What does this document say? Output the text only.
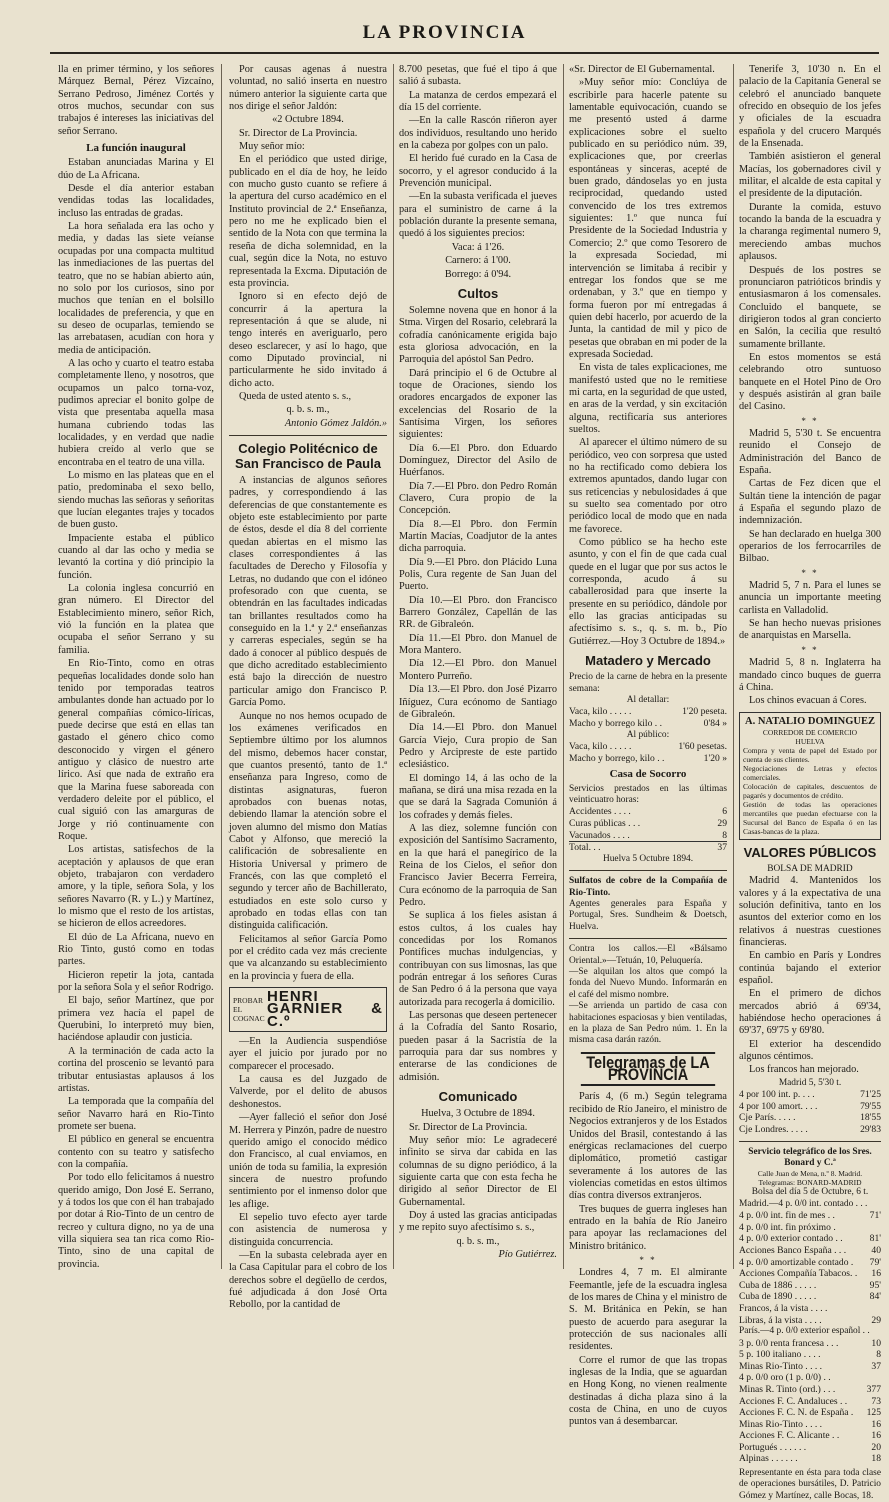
LA PROVINCIA

lla en primer término, y los señores Márquez Bernal, Pérez Vizcaíno, Serrano Pedroso, Jiménez Cortés y otros muchos, secundar con sus trabajos é intereses las iniciativas del señor Serrano.

La función inaugural

Estaban anunciadas Marina y El dúo de La Africana.

Desde el día anterior estaban vendidas todas las localidades, incluso las entradas de gradas.

La hora señalada era las ocho y media, y dadas las siete veíanse ocupadas por una compacta multitud las inmediaciones de las puertas del teatro, que no se habían abierto aún, no solo por los curiosos, sino por muchos que tenían en el bolsillo localidades de preferencia, y que en su deseo de ocuparlas, temiendo se las arrebatasen, acudían con hora y media de anticipación.

A las ocho y cuarto el teatro estaba completamente lleno, y nosotros, que ocupamos un palco torna-voz, pudimos apreciar el bonito golpe de vista que presentaba aquella masa humana cubriendo todas las localidades, y en verdad que nadie hubiera creído al verlo que se encontraba en el teatro de una villa.

Lo mismo en las plateas que en el patio, predominaba el sexo bello, siendo muchas las señoras y señoritas que lucían elegantes trajes y tocados de buen gusto.

Impaciente estaba el público cuando al dar las ocho y media se levantó la cortina y dió principio la función.

La colonia inglesa concurrió en gran número. El Director del Establecimiento minero, señor Rich, vió la función en la platea que ocupaba el señor Serrano y su familia.

En Rio-Tinto, como en otras pequeñas localidades donde solo han tenido por temporadas teatros ambulantes donde han actuado por lo general compañías cómico-líricas, puede decirse que está en ellas tan gastado el género chico como desconocido y virgen el género antiguo y clásico de nuestro arte lírico. Así que nada de extraño era que la Marina fuese saboreada con verdadero deleite por el público, el cual siguió con las amarguras de Jorge y rió continuamente con Roque.

Los artistas, satisfechos de la aceptación y aplausos de que eran objeto, trabajaron con verdadero amore, y la tiple, señora Sola, y los señores Navarro (R. y L.) y Martínez, lo mismo que el resto de los artistas, se hicieron de ellos acreedores.

El dúo de La Africana, nuevo en Rio Tinto, gustó como en todas partes.

Hicieron repetir la jota, cantada por la señora Sola y el señor Rodrigo.

El bajo, señor Martínez, que por primera vez hacía el papel de Querubini, lo interpretó muy bien, haciéndose aplaudir con justicia.

A la terminación de cada acto la cortina del proscenio se levantó para tributar entusiastas aplausos á los artistas.

La temporada que la compañía del señor Navarro hará en Rio-Tinto promete ser buena.

El público en general se encuentra contento con su teatro y satisfecho con la compañía.

Por todo ello felicitamos á nuestro querido amigo, Don José E. Serrano, y á todos los que con él han trabajado por dotar á Rio-Tinto de un centro de recreo y cultura digno, no ya de una villa siquiera sea tan rica como Rio-Tinto, sino de una capital de provincia.

Por causas agenas á nuestra voluntad, no salió inserta en nuestro número anterior la siguiente carta que nos dirige el señor Jaldón:

«2 Octubre 1894.

Sr. Director de La Provincia.

Muy señor mío:

En el periódico que usted dirige, publicado en el día de hoy, he leído con mucho gusto cuanto se refiere á la apertura del curso académico en el Instituto provincial de 2.ª Enseñanza, pero no me he explicado bien el sentido de la Nota con que termina la reseña de dicha solemnidad, en la cual, según dice la Nota, no estuvo representada la Excma. Diputación de esta provincia.

Ignoro si en efecto dejó de concurrir á la apertura la representación á que se alude, ni tengo interés en averiguarlo, pero deseo esclarecer, y así lo hago, que como Diputado provincial, ni particularmente he sido invitado á dicho acto.

Queda de usted atento s. s.,

q. b. s. m.,

Antonio Gómez Jaldón.»

Colegio Politécnico de San Francisco de Paula

A instancias de algunos señores padres, y correspondiendo á las deferencias de que constantemente es objeto este establecimiento por parte de éstos, desde el día 8 del corriente quedan abiertas en el mismo las clases correspondientes á las facultades de Derecho y Filosofía y Letras, no dudando que con el idóneo profesorado con que cuenta, se obtendrán en las facultades indicadas tan brillantes resultados como ha conseguido en la 1.ª y 2.ª enseñanzas y carreras especiales, según se ha dado á conocer al público después de que dicho acreditado establecimiento está bajo la dirección de nuestro particular amigo don Francisco P. García Pomo.

Aunque no nos hemos ocupado de los exámenes verificados en Septiembre último por los alumnos del mismo, debemos hacer constar, que cuantos presentó, tanto de 1.ª enseñanza para Ingreso, como de distintas asignaturas, fueron aprobados con buenas notas, debiendo llamar la atención sobre el joven alumno del mismo don Matías Cabot y Alfonso, que mereció la calificación de sobresaliente en Historia Universal y primero de Francés, con las que completó el segundo y tercer año de Bachillerato, estudiados en este solo curso y aprobado en todas ellas con tan distinguida calificación.

Felicitamos al señor García Pomo por el crédito cada vez más creciente que va alcanzando su establecimiento en la provincia y fuera de ella.

PROBAR EL COGNAC
HENRI GARNIER & C.º

—En la Audiencia suspendióse ayer el juicio por jurado por no comparecer el procesado.

La causa es del Juzgado de Valverde, por el delito de abusos deshonestos.

—Ayer falleció el señor don José M. Herrera y Pinzón, padre de nuestro querido amigo el conocido médico don Francisco, al cual enviamos, en unión de toda su familia, la expresión sincera de nuestro profundo sentimiento por el inmenso dolor que les aflige.

El sepelio tuvo efecto ayer tarde con asistencia de numerosa y distinguida concurrencia.

—En la subasta celebrada ayer en la Casa Capitular para el cobro de los derechos sobre el degüello de cerdos, fué adjudicada á don José Orta Rebollo, por la cantidad de

8.700 pesetas, que fué el tipo á que salió á subasta.

La matanza de cerdos empezará el día 15 del corriente.

—En la calle Rascón riñeron ayer dos individuos, resultando uno herido en la cabeza por golpes con un palo.

El herido fué curado en la Casa de socorro, y el agresor conducido á la Prevención municipal.

—En la subasta verificada el jueves para el suministro de carne á la población durante la presente semana, quedó á los siguientes precios:

Vaca: á 1'26.

Carnero: á 1'00.

Borrego: á 0'94.

Cultos

Solemne novena que en honor á la Stma. Virgen del Rosario, celebrará la cofradía canónicamente erigida bajo esta gloriosa advocación, en la Parroquia del apóstol San Pedro.

Dará principio el 6 de Octubre al toque de Oraciones, siendo los oradores encargados de exponer las excelencias del Rosario de la Santísima Virgen, los señores siguientes:

Día 6.—El Pbro. don Eduardo Domínguez, Director del Asilo de Huérfanos.

Día 7.—El Pbro. don Pedro Román Clavero, Cura propio de la Concepción.

Día 8.—El Pbro. don Fermín Martín Macías, Coadjutor de la antes dicha parroquia.

Día 9.—El Pbro. don Plácido Luna Polis, Cura regente de San Juan del Puerto.

Día 10.—El Pbro. don Francisco Barrero González, Capellán de las RR. de Gibraleón.

Día 11.—El Pbro. don Manuel de Mora Mantero.

Día 12.—El Pbro. don Manuel Montero Purreño.

Día 13.—El Pbro. don José Pizarro Iñíguez, Cura ecónomo de Santiago de Gibraleón.

Día 14.—El Pbro. don Manuel García Viejo, Cura propio de San Pedro y Arcipreste de este partido eclesiástico.

El domingo 14, á las ocho de la mañana, se dirá una misa rezada en la que se dará la Sagrada Comunión á los cofrades y demás fieles.

A las diez, solemne función con exposición del Santísimo Sacramento, en la que hará el panegírico de la Reina de los Cielos, el señor don Francisco Javier Becerra Ferreira, Cura ecónomo de la parroquia de San Pedro.

Se suplica á los fieles asistan á estos cultos, á los cuales hay concedidas por los Romanos Pontífices muchas indulgencias, y contribuyan con sus limosnas, las que podrán entregar á los señores Curas de San Pedro ó á la persona que vaya autorizada para recogerla á domicilio.

Las personas que deseen pertenecer á la Cofradía del Santo Rosario, pueden pasar á la Sacristía de la parroquia para dar sus nombres y enterarse de las condiciones de admisión.

Comunicado

Huelva, 3 Octubre de 1894.

Sr. Director de La Provincia.

Muy señor mío: Le agradeceré infinito se sirva dar cabida en las columnas de su digno periódico, á la siguiente carta que con esta fecha he dirigido al señor Director de El Gubernamental.

Doy á usted las gracias anticipadas y me repito suyo afectísimo s. s.,

q. b. s. m.,

Pío Gutiérrez.

«Sr. Director de El Gubernamental.

»Muy señor mío: Conclúya de escribirle para hacerle patente su lamentable equivocación, cuando se me presentó usted á darme explicaciones sobre el suelto publicado en su periódico núm. 39, explicaciones que, por creerlas espontáneas y sinceras, acepté de buen grado, dándoselas yo en justa reciprocidad, quedando usted convencido de los tres extremos siguientes: 1.º que nunca fuí Presidente de la Sociedad Industria y Comercio; 2.º que como Tesorero de la expresada Sociedad, mi intervención se limitaba á recibir y entregar los fondos que se me ordenaban, y 3.º que en tiempo y forma fueron por mí entregadas á quien debí hacerlo, por acuerdo de la Junta, la cantidad de mil y pico de pesetas que obraban en mi poder de la expresada Sociedad.

En vista de tales explicaciones, me manifestó usted que no le remitiese mi carta, en la seguridad de que usted, en aras de la verdad, y sin excitación alguna, rectificaría sus anteriores sueltos.

Al aparecer el último número de su periódico, veo con sorpresa que usted no ha rectificado como debiera los extremos apuntados, dando lugar con sus reticencias y nebulosidades á que su suelto sea comentado por otro periódico local de modo que en nada me favorece.

Como público se ha hecho este asunto, y con el fin de que cada cual quede en el lugar que por sus actos le corresponda, acudo á su caballerosidad para que inserte la presente en su periódico, dándole por ello las gracias anticipadas su afectísimo s. s., q. s. m. b., Pío Gutiérrez.—Hoy 3 Octubre de 1894.»

Matadero y Mercado
Precio de la carne de hebra en la presente semana:
Al detallar:
Vaca, kilo . . . . .	1'20 peseta.
Macho y borrego kilo . .	0'84 »
Al público:
Vaca, kilo . . . . .	1'60 pesetas.
Macho y borrego, kilo . .	1'20 »
Casa de Socorro
Servicios prestados en las últimas veinticuatro horas:
Accidentes . . . .	6
Curas públicas . . .	29
Vacunados . . . .	8
Total. . .	37
Huelva 5 Octubre 1894.
Sulfatos de cobre de la Compañía de Rio-Tinto.
Agentes generales para España y Portugal, Sres. Sundheim & Doetsch, Huelva.
Contra los callos.—El «Bálsamo Oriental.»—Tetuán, 10, Peluquería.
—Se alquilan los altos que compó la fonda del Nuevo Mundo. Informarán en el café del mismo nombre.
—Se arrienda un partido de casa con habitaciones espaciosas y bien ventiladas, en la plaza de San Pedro núm. 1. En la misma casa darán razón.
Telegramas de LA PROVINCIA

París 4, (6 m.) Según telegrama recibido de Río Janeiro, el ministro de Negocios extranjeros y de los Estados Unidos del Brasil, contestando á las enérgicas reclamaciones del cuerpo diplomático, prometió castigar severamente á los autores de las violencias cometidas en estos últimos días contra diversos extranjeros.

Tres buques de guerra ingleses han entrado en la bahía de Río Janeiro para apoyar las reclamaciones del Ministro británico.

* *

Londres 4, 7 m. El almirante Feemantle, jefe de la escuadra inglesa de los mares de China y el ministro de S. M. Británica en Pekín, se han puesto de acuerdo para asegurar la protección de sus nacionales allí residentes.

Corre el rumor de que las tropas inglesas de la India, que se aguardan en Hong Kong, no vienen realmente destinadas á dicha plaza sino á la costa de China, en uno de cuyos puntos van á desembarcar.

Tenerife 3, 10'30 n. En el palacio de la Capitanía General se celebró el anunciado banquete ofrecido en obsequio de los jefes y oficiales de la escuadra española y del crucero Marqués de la Ensenada.

También asistieron el general Macías, los gobernadores civil y militar, el alcalde de esta capital y el presidente de la diputación.

Durante la comida, estuvo tocando la banda de la escuadra y la charanga regimental numero 9, mereciendo ambas muchos aplausos.

Después de los postres se pronunciaron patrióticos brindis y entusiasmaron á los comensales. Concluido el banquete, se dirigieron todos al gran concierto en Salón, la cecilia que resultó sumamente brillante.

En estos momentos se está celebrando otro suntuoso banquete en el Hotel Pino de Oro y después asistirán al gran baile del Casino.

* *

Madrid 5, 5'30 t. Se encuentra reunido el Consejo de Administración del Banco de España.

Cartas de Fez dicen que el Sultán tiene la intención de pagar á España el segundo plazo de indemnización.

Se han declarado en huelga 300 operarios de los ferrocarriles de Bilbao.

* *

Madrid 5, 7 n. Para el lunes se anuncia un importante meeting carlista en Valladolid.

Se han hecho nuevas prisiones de anarquistas en Marsella.

* *

Madrid 5, 8 n. Inglaterra ha mandado cinco buques de guerra á China.

Los chinos evacuan á Cores.

A. NATALIO DOMINGUEZ
CORREDOR DE COMERCIO
HUELVA
Compra y venta de papel del Estado por cuenta de sus clientes.
Negociaciones de Letras y efectos comerciales.
Colocación de capitales, descuentos de pagarés y documentos de crédito.
Gestión de todas las operaciones mercantiles que puedan efectuarse con la Sucursal del Banco de España ó en las Casas-bancas de la plaza.
VALORES PÚBLICOS
BOLSA DE MADRID

Madrid 4. Mantenidos los valores y á la expectativa de una solución definitiva, tanto en los asuntos del exterior como en los relativos á nuestras cuestiones financieras.

En cambio en París y Londres continúa bajando el exterior español.

En el primero de dichos mercados abrió á 69'34, habiéndose hecho operaciones á 69'37, 69'75 y 69'80.

El exterior ha descendido algunos céntimos.

Los francos han mejorado.

Madrid 5, 5'30 t.
4 por 100 int. p. . . .	71'25
4 por 100 amort. . . .	79'55
Cje París. . . . .	18'55
Cje Londres. . . . .	29'83
Servicio telegráfico de los Sres. Bonard y C.ª
Calle Juan de Mena, n.º 8. Madrid. Telegramas: BONARD-MADRID
Bolsa del día 5 de Octubre, 6 t.
Madrid.—4 p. 0/0 int. contado . . .
4 p. 0/0 int. fin de mes . .	71'
4 p. 0/0 int. fin próximo .
4 p. 0/0 exterior contado . .	81'
Acciones Banco España . . .	40
4 p. 0/0 amortizable contado . 79'
Acciones Compañía Tabacos. . 16
Cuba de 1886 . . . . .	95'
Cuba de 1890 . . . . .	84'
Francos, á la vista . . . .
Libras, á la vista . . . .	29
París.—4 p. 0/0 exterior español . .
3 p. 0/0 renta francesa . . .	10
5 p. 100 italiano . . . .	8
Minas Rio-Tinto . . . .	37
4 p. 0/0 oro (1 p. 0/0) . .
Minas R. Tinto (ord.) . . .	377
Acciones F. C. Andaluces . .	73
Acciones F. C. N. de España . 125
Minas Rio-Tinto . . . .	16
Acciones F. C. Alicante . .	16
Portugués . . . . . .	20
Alpinas . . . . . .	18
Representante en ésta para toda clase de operaciones bursátiles, D. Patricio Gómez y Martínez, calle Bocas, 18.
